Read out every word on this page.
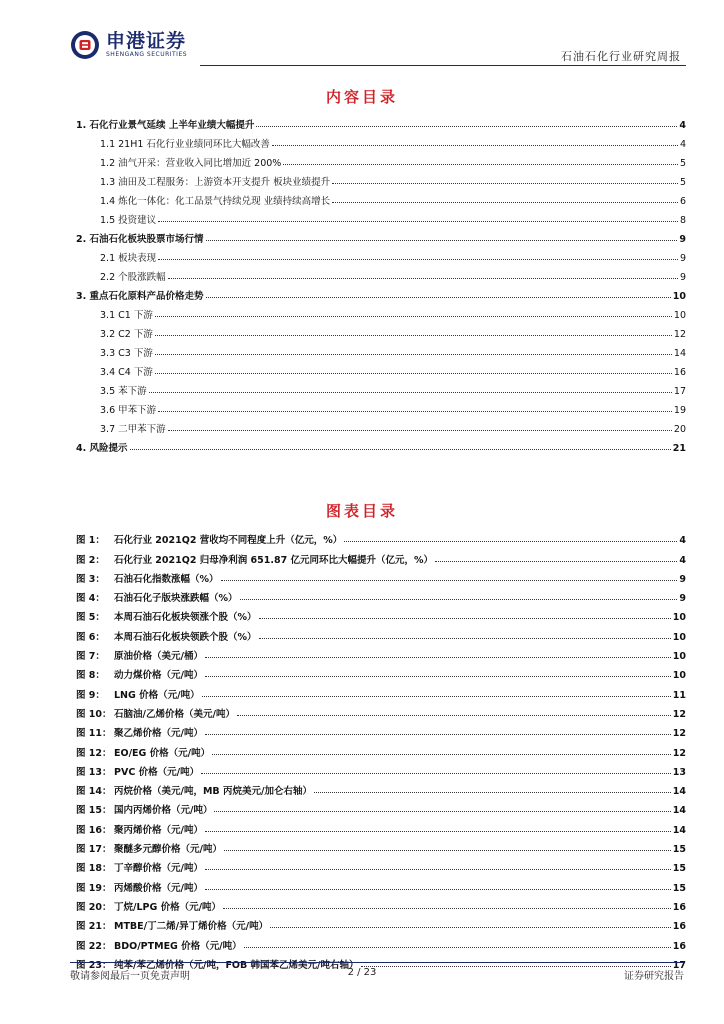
申港证券
SHENGANG SECURITIES	石油石化行业研究周报
内容目录
1. 石化行业景气延续 上半年业绩大幅提升	4
1.1 21H1 石化行业业绩同环比大幅改善	4
1.2 油气开采：营业收入同比增加近 200%	5
1.3 油田及工程服务：上游资本开支提升 板块业绩提升	5
1.4 炼化一体化：化工品景气持续兑现 业绩持续高增长	6
1.5 投资建议	8
2. 石油石化板块股票市场行情	9
2.1 板块表现	9
2.2 个股涨跌幅	9
3. 重点石化原料产品价格走势	10
3.1 C1 下游	10
3.2 C2 下游	12
3.3 C3 下游	14
3.4 C4 下游	16
3.5 苯下游	17
3.6 甲苯下游	19
3.7 二甲苯下游	20
4. 风险提示	21
图表目录
图 1： 石化行业 2021Q2 营收均不同程度上升（亿元，%）	4
图 2： 石化行业 2021Q2 归母净利润 651.87 亿元同环比大幅提升（亿元，%）	4
图 3： 石油石化指数涨幅（%）	9
图 4： 石油石化子版块涨跌幅（%）	9
图 5： 本周石油石化板块领涨个股（%）	10
图 6： 本周石油石化板块领跌个股（%）	10
图 7： 原油价格（美元/桶）	10
图 8： 动力煤价格（元/吨）	10
图 9： LNG 价格（元/吨）	11
图 10： 石脑油/乙烯价格（美元/吨）	12
图 11： 聚乙烯价格（元/吨）	12
图 12： EO/EG 价格（元/吨）	12
图 13： PVC 价格（元/吨）	13
图 14： 丙烷价格（美元/吨，MB 丙烷美元/加仑右轴）	14
图 15： 国内丙烯价格（元/吨）	14
图 16： 聚丙烯价格（元/吨）	14
图 17： 聚醚多元醇价格（元/吨）	15
图 18： 丁辛醇价格（元/吨）	15
图 19： 丙烯酸价格（元/吨）	15
图 20： 丁烷/LPG 价格（元/吨）	16
图 21： MTBE/丁二烯/异丁烯价格（元/吨）	16
图 22： BDO/PTMEG 价格（元/吨）	16
图 23： 纯苯/苯乙烯价格（元/吨，FOB 韩国苯乙烯美元/吨右轴）	17
敬请参阅最后一页免责声明	2 / 23	证券研究报告
